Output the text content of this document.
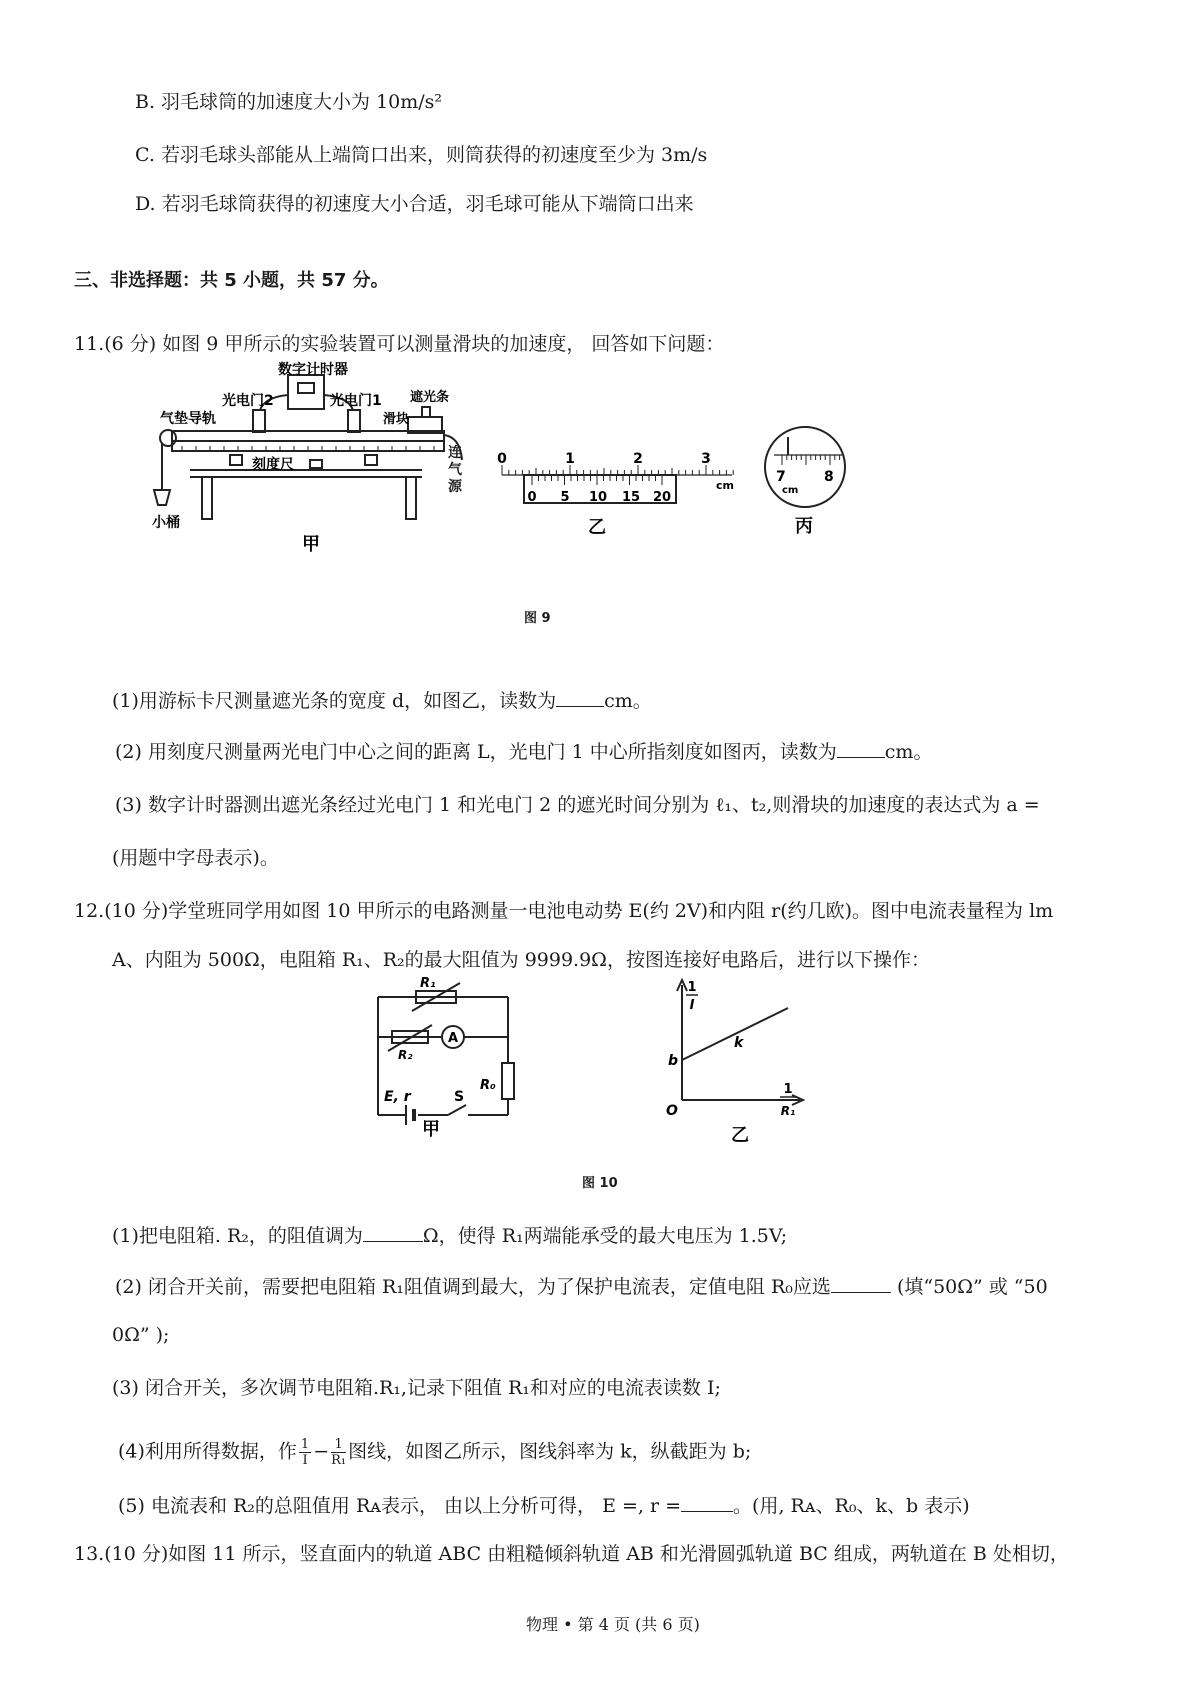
B. 羽毛球筒的加速度大小为 10m/s²
C. 若羽毛球头部能从上端筒口出来，则筒获得的初速度至少为 3m/s
D. 若羽毛球筒获得的初速度大小合适，羽毛球可能从下端筒口出来
三、非选择题：共 5 小题，共 57 分。
11.(6 分) 如图 9 甲所示的实验装置可以测量滑块的加速度， 回答如下问题：
数字计时器
光电门2	光电门1
气垫导轨	滑块
遮光条
刻度尺
小桶
甲
连气源
0	1	2	3
cm
0 5 10 15 20
乙
7	8
cm
丙
图 9
(1)用游标卡尺测量遮光条的宽度 d，如图乙，读数为	cm。
(2) 用刻度尺测量两光电门中心之间的距离 L，光电门 1 中心所指刻度如图丙，读数为	cm。
(3) 数字计时器测出遮光条经过光电门 1 和光电门 2 的遮光时间分别为 ℓ₁、t₂,则滑块的加速度的表达式为 a =
(用题中字母表示)。
12.(10 分)学堂班同学用如图 10 甲所示的电路测量一电池电动势 E(约 2V)和内阻 r(约几欧)。图中电流表量程为 lm
A、内阻为 500Ω，电阻箱 R₁、R₂的最大阻值为 9999.9Ω，按图连接好电路后，进行以下操作：
R₁
R₂
A
E, r	S
R₀
甲
1
I
1
R₁
b
k
O
乙
图 10
(1)把电阻箱. R₂，的阻值调为	Ω，使得 R₁两端能承受的最大电压为 1.5V;
(2) 闭合开关前，需要把电阻箱 R₁阻值调到最大，为了保护电流表，定值电阻 R₀应选	(填“50Ω” 或 “50
0Ω” );
(3) 闭合开关，多次调节电阻箱.R₁,记录下阻值 R₁和对应的电流表读数 I;
(4)利用所得数据，作 $\frac{1}{I} - \frac{1}{\text{R₁}}$ 图线，如图乙所示，图线斜率为 k，纵截距为 b;
(5) 电流表和 R₂的总阻值用 Rᴀ表示， 由以上分析可得， E =, r =	。(用, Rᴀ、R₀、k、b 表示)
13.(10 分)如图 11 所示，竖直面内的轨道 ABC 由粗糙倾斜轨道 AB 和光滑圆弧轨道 BC 组成，两轨道在 B 处相切，
物理 • 第 4 页 (共 6 页)
